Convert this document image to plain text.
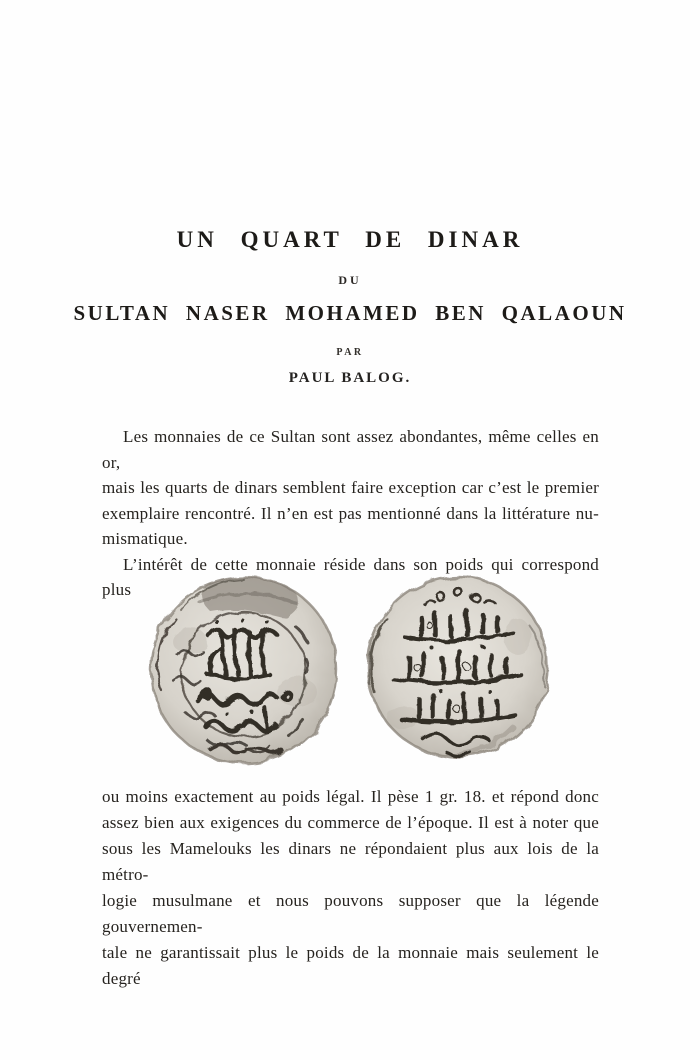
UN QUART DE DINAR
DU
SULTAN NASER MOHAMED BEN QALAOUN
PAR
PAUL BALOG.
Les monnaies de ce Sultan sont assez abondantes, même celles en or,
mais les quarts de dinars semblent faire exception car c’est le premier
exemplaire rencontré. Il n’en est pas mentionné dans la littérature nu-
mismatique.
L’intérêt de cette monnaie réside dans son poids qui correspond plus
ou moins exactement au poids légal. Il pèse 1 gr. 18. et répond donc
assez bien aux exigences du commerce de l’époque. Il est à noter que
sous les Mamelouks les dinars ne répondaient plus aux lois de la métro-
logie musulmane et nous pouvons supposer que la légende gouvernemen-
tale ne garantissait plus le poids de la monnaie mais seulement le degré
